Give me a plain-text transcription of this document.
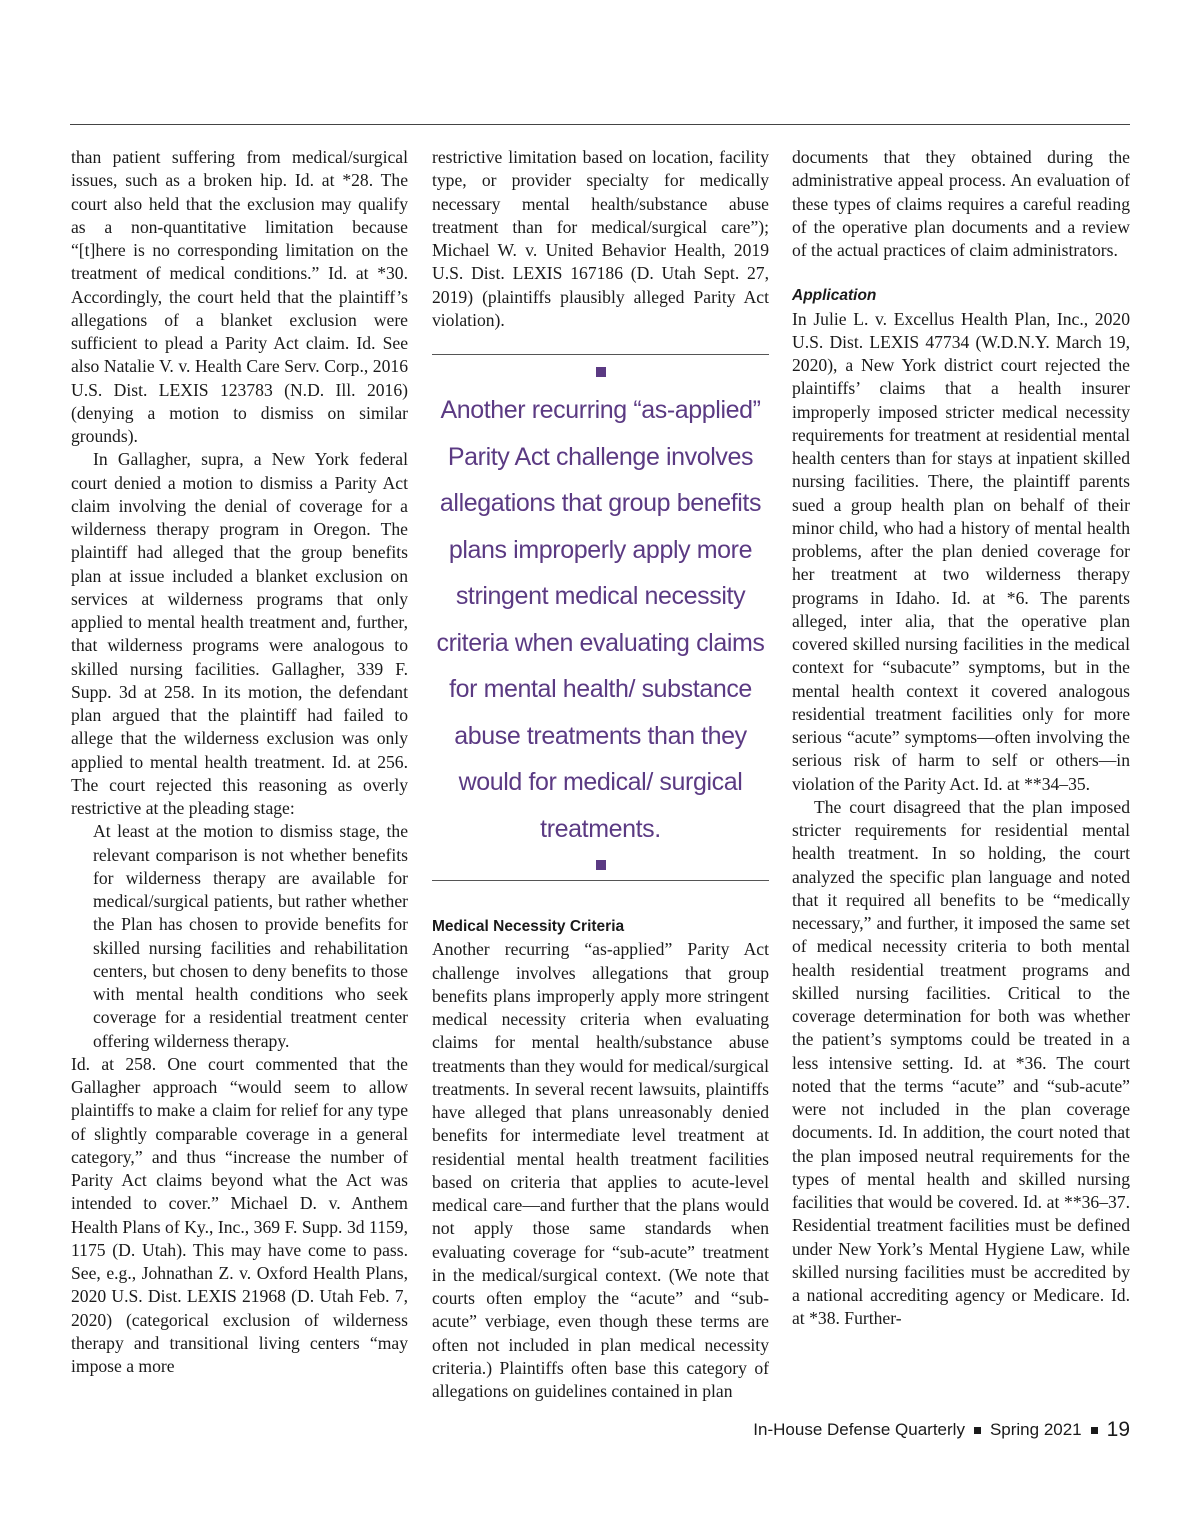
than patient suffering from medical/surgical issues, such as a broken hip. Id. at *28. The court also held that the exclusion may qualify as a non-quantitative limitation because “[t]here is no corresponding limitation on the treatment of medical conditions.” Id. at *30. Accordingly, the court held that the plaintiff’s allegations of a blanket exclusion were sufficient to plead a Parity Act claim. Id. See also Natalie V. v. Health Care Serv. Corp., 2016 U.S. Dist. LEXIS 123783 (N.D. Ill. 2016) (denying a motion to dismiss on similar grounds).

In Gallagher, supra, a New York federal court denied a motion to dismiss a Parity Act claim involving the denial of coverage for a wilderness therapy program in Oregon. The plaintiff had alleged that the group benefits plan at issue included a blanket exclusion on services at wilderness programs that only applied to mental health treatment and, further, that wilderness programs were analogous to skilled nursing facilities. Gallagher, 339 F. Supp. 3d at 258. In its motion, the defendant plan argued that the plaintiff had failed to allege that the wilderness exclusion was only applied to mental health treatment. Id. at 256. The court rejected this reasoning as overly restrictive at the pleading stage:

At least at the motion to dismiss stage, the relevant comparison is not whether benefits for wilderness therapy are available for medical/surgical patients, but rather whether the Plan has chosen to provide benefits for skilled nursing facilities and rehabilitation centers, but chosen to deny benefits to those with mental health conditions who seek coverage for a residential treatment center offering wilderness therapy.

Id. at 258. One court commented that the Gallagher approach “would seem to allow plaintiffs to make a claim for relief for any type of slightly comparable coverage in a general category,” and thus “increase the number of Parity Act claims beyond what the Act was intended to cover.” Michael D. v. Anthem Health Plans of Ky., Inc., 369 F. Supp. 3d 1159, 1175 (D. Utah). This may have come to pass. See, e.g., Johnathan Z. v. Oxford Health Plans, 2020 U.S. Dist. LEXIS 21968 (D. Utah Feb. 7, 2020) (categorical exclusion of wilderness therapy and transitional living centers “may impose a more

restrictive limitation based on location, facility type, or provider specialty for medically necessary mental health/substance abuse treatment than for medical/surgical care”); Michael W. v. United Behavior Health, 2019 U.S. Dist. LEXIS 167186 (D. Utah Sept. 27, 2019) (plaintiffs plausibly alleged Parity Act violation).

Another recurring “as-applied” Parity Act challenge involves allegations that group benefits plans improperly apply more stringent medical necessity criteria when evaluating claims for mental health/ substance abuse treatments than they would for medical/ surgical treatments.
Medical Necessity Criteria

Another recurring “as-applied” Parity Act challenge involves allegations that group benefits plans improperly apply more stringent medical necessity criteria when evaluating claims for mental health/substance abuse treatments than they would for medical/surgical treatments. In several recent lawsuits, plaintiffs have alleged that plans unreasonably denied benefits for intermediate level treatment at residential mental health treatment facilities based on criteria that applies to acute-level medical care—and further that the plans would not apply those same standards when evaluating coverage for “sub-acute” treatment in the medical/surgical context. (We note that courts often employ the “acute” and “sub-acute” verbiage, even though these terms are often not included in plan medical necessity criteria.) Plaintiffs often base this category of allegations on guidelines contained in plan

documents that they obtained during the administrative appeal process. An evaluation of these types of claims requires a careful reading of the operative plan documents and a review of the actual practices of claim administrators.

Application

In Julie L. v. Excellus Health Plan, Inc., 2020 U.S. Dist. LEXIS 47734 (W.D.N.Y. March 19, 2020), a New York district court rejected the plaintiffs’ claims that a health insurer improperly imposed stricter medical necessity requirements for treatment at residential mental health centers than for stays at inpatient skilled nursing facilities. There, the plaintiff parents sued a group health plan on behalf of their minor child, who had a history of mental health problems, after the plan denied coverage for her treatment at two wilderness therapy programs in Idaho. Id. at *6. The parents alleged, inter alia, that the operative plan covered skilled nursing facilities in the medical context for “subacute” symptoms, but in the mental health context it covered analogous residential treatment facilities only for more serious “acute” symptoms—often involving the serious risk of harm to self or others—in violation of the Parity Act. Id. at **34–35.

The court disagreed that the plan imposed stricter requirements for residential mental health treatment. In so holding, the court analyzed the specific plan language and noted that it required all benefits to be “medically necessary,” and further, it imposed the same set of medical necessity criteria to both mental health residential treatment programs and skilled nursing facilities. Critical to the coverage determination for both was whether the patient’s symptoms could be treated in a less intensive setting. Id. at *36. The court noted that the terms “acute” and “sub-acute” were not included in the plan coverage documents. Id. In addition, the court noted that the plan imposed neutral requirements for the types of mental health and skilled nursing facilities that would be covered. Id. at **36–37. Residential treatment facilities must be defined under New York’s Mental Hygiene Law, while skilled nursing facilities must be accredited by a national accrediting agency or Medicare. Id. at *38. Further-

In-House Defense Quarterly Spring 2021 19
